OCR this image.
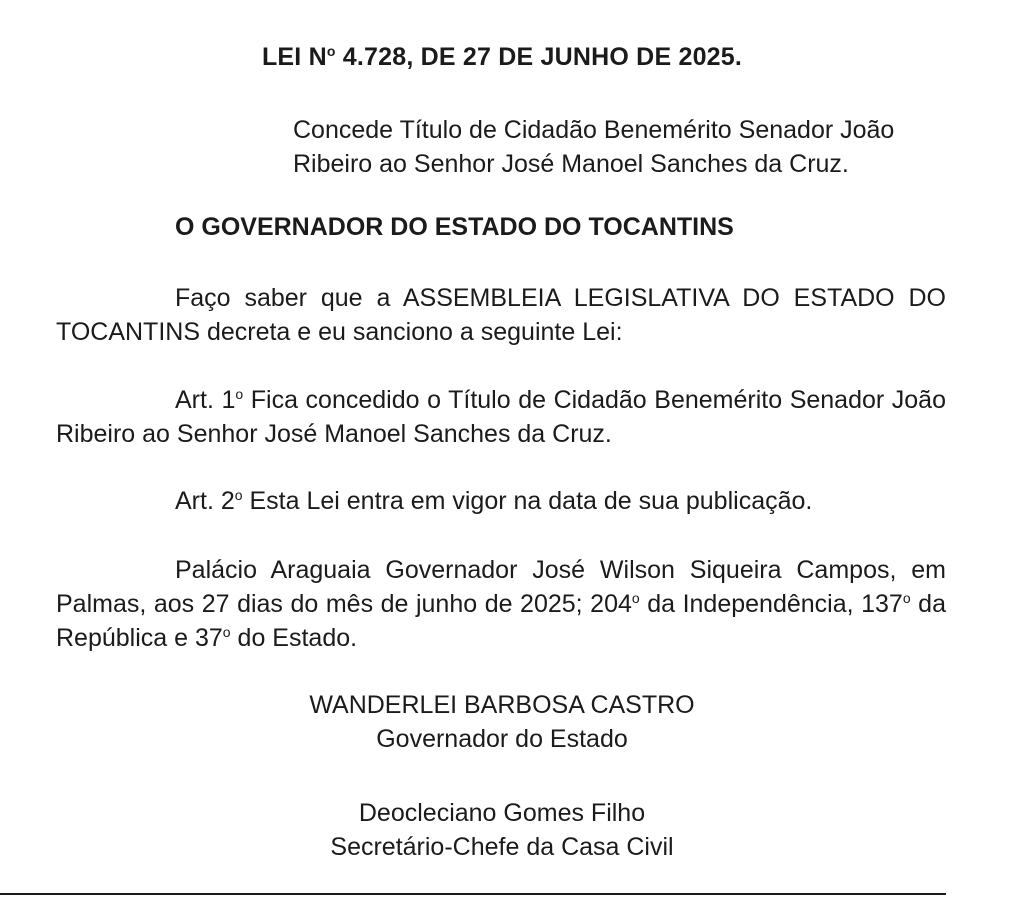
LEI $N^o$ 4.728, DE 27 DE JUNHO DE 2025.
Concede Título de Cidadão Benemérito Senador João Ribeiro ao Senhor José Manoel Sanches da Cruz.
O GOVERNADOR DO ESTADO DO TOCANTINS
Faço saber que a ASSEMBLEIA LEGISLATIVA DO ESTADO DO TOCANTINS decreta e eu sanciono a seguinte Lei:
Art. 1$^o$ Fica concedido o Título de Cidadão Benemérito Senador João Ribeiro ao Senhor José Manoel Sanches da Cruz.
Art. 2$^o$ Esta Lei entra em vigor na data de sua publicação.
Palácio Araguaia Governador José Wilson Siqueira Campos, em Palmas, aos 27 dias do mês de junho de 2025; 204$^o$ da Independência, 137$^o$ da República e 37$^o$ do Estado.
WANDERLEI BARBOSA CASTRO
Governador do Estado
Deocleciano Gomes Filho
Secretário-Chefe da Casa Civil
